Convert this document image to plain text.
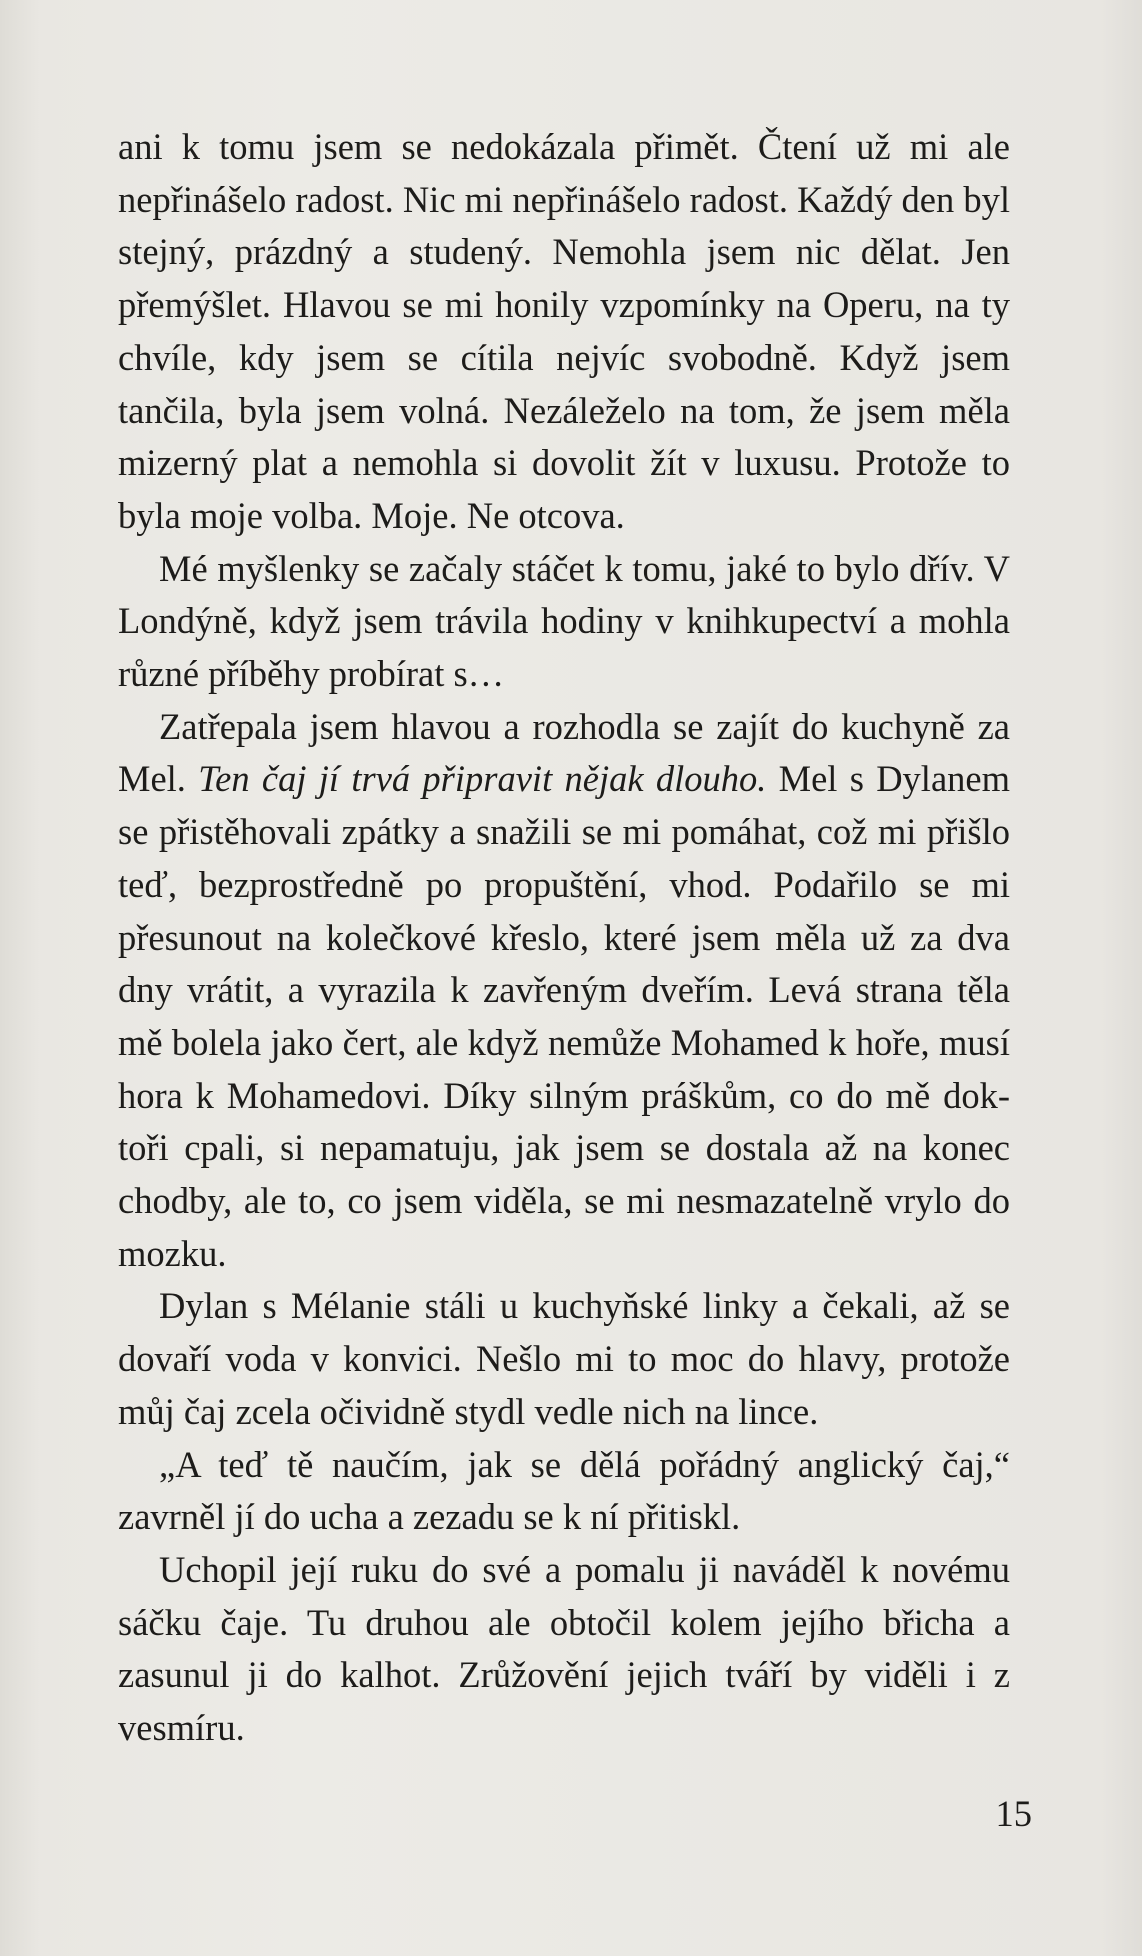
ani k tomu jsem se nedokázala přimět. Čtení už mi ale nepřinášelo radost. Nic mi nepřinášelo radost. Každý den byl stejný, prázdný a studený. Nemohla jsem nic dělat. Jen přemýšlet. Hlavou se mi honily vzpomínky na Operu, na ty chvíle, kdy jsem se cítila nejvíc svobodně. Když jsem tančila, byla jsem volná. Nezáleželo na tom, že jsem měla mizerný plat a nemohla si dovolit žít v luxusu. Protože to byla moje volba. Moje. Ne otcova.

Mé myšlenky se začaly stáčet k tomu, jaké to bylo dřív. V Londýně, když jsem trávila hodiny v knihkupectví a mohla různé příběhy probírat s…

Zatřepala jsem hlavou a rozhodla se zajít do kuchyně za Mel. Ten čaj jí trvá připravit nějak dlouho. Mel s Dylanem se přistěhovali zpátky a snažili se mi pomáhat, což mi přišlo teď, bezprostředně po propuštění, vhod. Podařilo se mi přesunout na kolečkové křeslo, které jsem měla už za dva dny vrátit, a vyrazila k zavřeným dveřím. Levá strana těla mě bolela jako čert, ale když nemůže Mohamed k hoře, musí hora k Mohamedovi. Díky silným práškům, co do mě doktoři cpali, si nepamatuju, jak jsem se dostala až na konec chodby, ale to, co jsem viděla, se mi nesmazatelně vrylo do mozku.

Dylan s Mélanie stáli u kuchyňské linky a čekali, až se dovaří voda v konvici. Nešlo mi to moc do hlavy, protože můj čaj zcela očividně stydl vedle nich na lince.

„A teď tě naučím, jak se dělá pořádný anglický čaj,“ zavrněl jí do ucha a zezadu se k ní přitiskl.

Uchopil její ruku do své a pomalu ji naváděl k novému sáčku čaje. Tu druhou ale obtočil kolem jejího břicha a zasunul ji do kalhot. Zrůžovění jejich tváří by viděli i z vesmíru.

15
